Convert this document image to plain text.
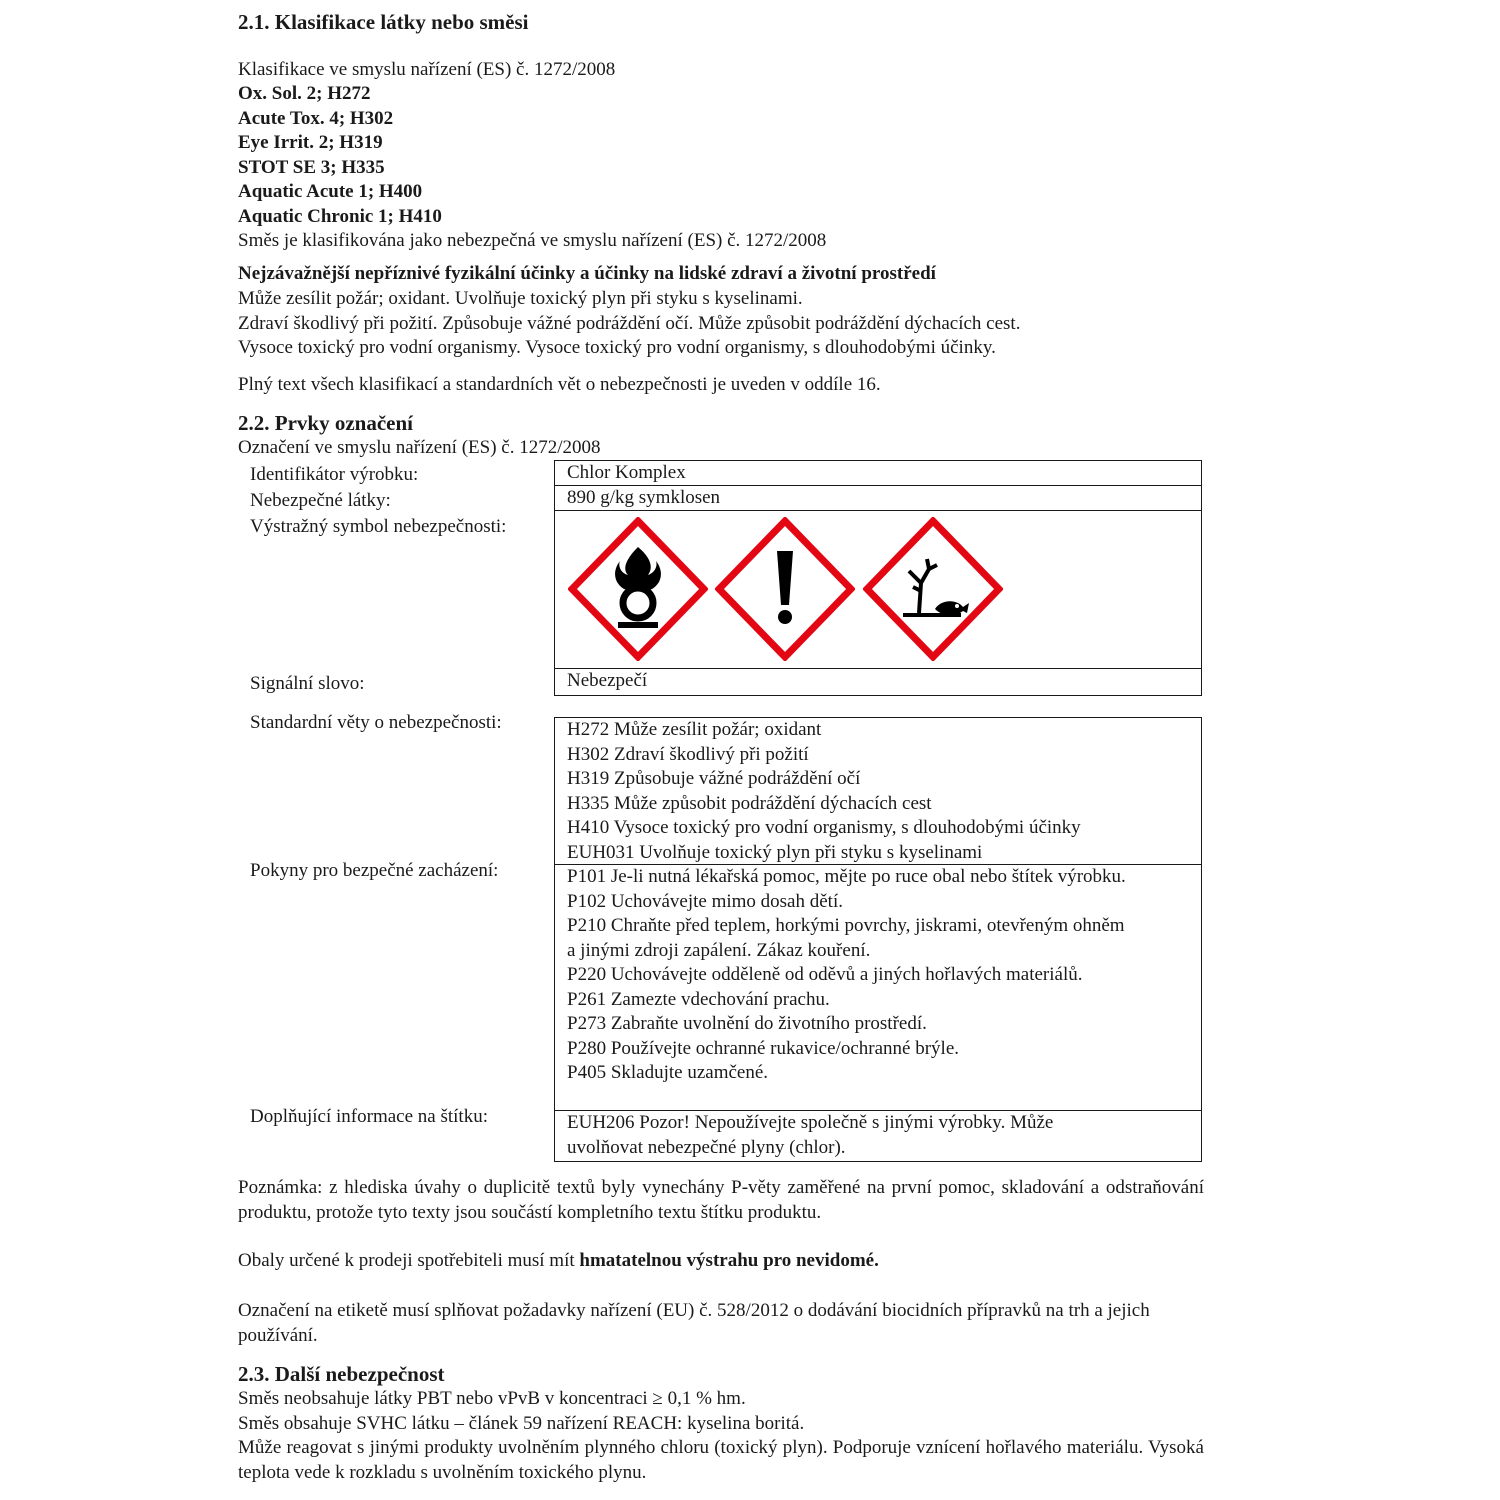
2.1. Klasifikace látky nebo směsi

Klasifikace ve smyslu nařízení (ES) č. 1272/2008

Ox. Sol. 2; H272

Acute Tox. 4; H302

Eye Irrit. 2; H319

STOT SE 3; H335

Aquatic Acute 1; H400

Aquatic Chronic 1; H410

Směs je klasifikována jako nebezpečná ve smyslu nařízení (ES) č. 1272/2008

Nejzávažnější nepříznivé fyzikální účinky a účinky na lidské zdraví a životní prostředí

Může zesílit požár; oxidant. Uvolňuje toxický plyn při styku s kyselinami.

Zdraví škodlivý při požití. Způsobuje vážné podráždění očí. Může způsobit podráždění dýchacích cest.

Vysoce toxický pro vodní organismy. Vysoce toxický pro vodní organismy, s dlouhodobými účinky.

Plný text všech klasifikací a standardních vět o nebezpečnosti je uveden v oddíle 16.

2.2. Prvky označení

Označení ve smyslu nařízení (ES) č. 1272/2008

Identifikátor výrobku:

Nebezpečné látky:

Výstražný symbol nebezpečnosti:

Signální slovo:

Standardní věty o nebezpečnosti:

Pokyny pro bezpečné zacházení:

Doplňující informace na štítku:

Chlor Komplex

890 g/kg symklosen

Nebezpečí

H272 Může zesílit požár; oxidant

H302 Zdraví škodlivý při požití

H319 Způsobuje vážné podráždění očí

H335 Může způsobit podráždění dýchacích cest

H410 Vysoce toxický pro vodní organismy, s dlouhodobými účinky

EUH031 Uvolňuje toxický plyn při styku s kyselinami

P101 Je-li nutná lékařská pomoc, mějte po ruce obal nebo štítek výrobku.

P102 Uchovávejte mimo dosah dětí.

P210 Chraňte před teplem, horkými povrchy, jiskrami, otevřeným ohněm a jinými zdroji zapálení. Zákaz kouření.

P220 Uchovávejte odděleně od oděvů a jiných hořlavých materiálů.

P261 Zamezte vdechování prachu.

P273 Zabraňte uvolnění do životního prostředí.

P280 Používejte ochranné rukavice/ochranné brýle.

P405 Skladujte uzamčené.

EUH206 Pozor! Nepoužívejte společně s jinými výrobky. Může uvolňovat nebezpečné plyny (chlor).

Poznámka: z hlediska úvahy o duplicitě textů byly vynechány P-věty zaměřené na první pomoc, skladování a odstraňování produktu, protože tyto texty jsou součástí kompletního textu štítku produktu.

Obaly určené k prodeji spotřebiteli musí mít hmatatelnou výstrahu pro nevidomé.

Označení na etiketě musí splňovat požadavky nařízení (EU) č. 528/2012 o dodávání biocidních přípravků na trh a jejich používání.

2.3. Další nebezpečnost

Směs neobsahuje látky PBT nebo vPvB v koncentraci ≥ 0,1 % hm.

Směs obsahuje SVHC látku – článek 59 nařízení REACH: kyselina boritá.

Může reagovat s jinými produkty uvolněním plynného chloru (toxický plyn). Podporuje vznícení hořlavého materiálu. Vysoká teplota vede k rozkladu s uvolněním toxického plynu.
